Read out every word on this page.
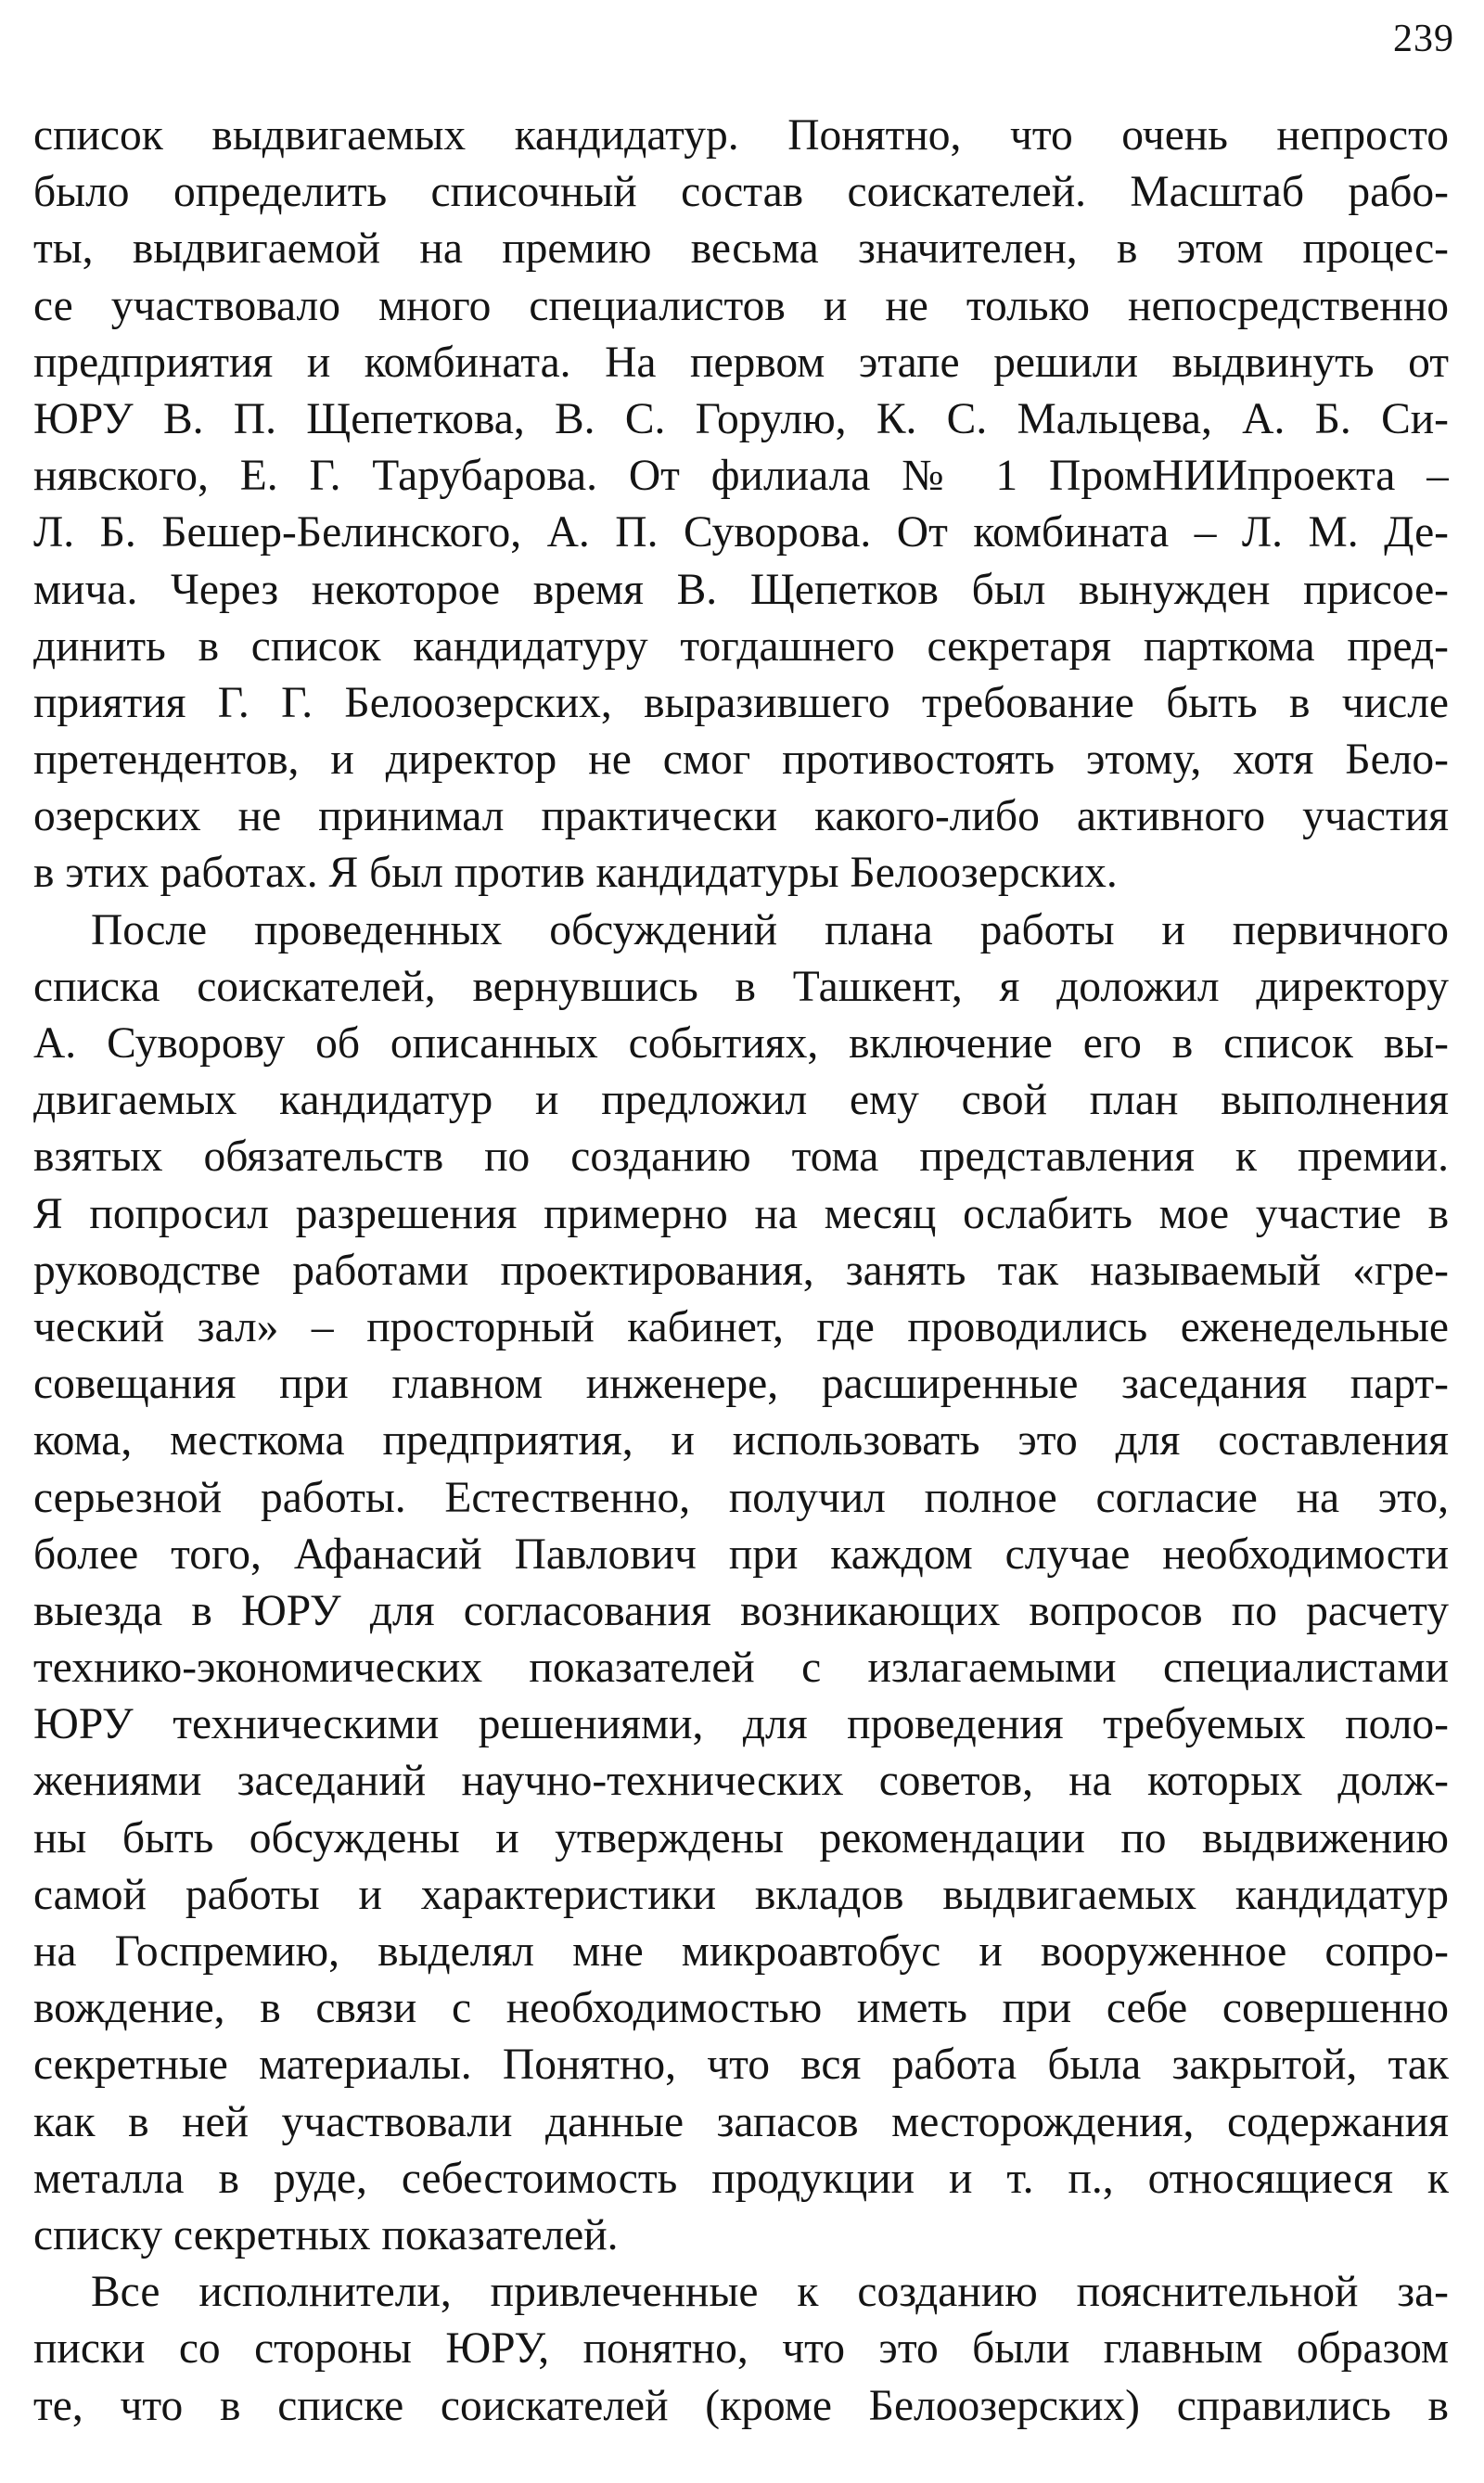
239
список выдвигаемых кандидатур. Понятно, что очень непросто
было определить списочный состав соискателей. Масштаб рабо-
ты, выдвигаемой на премию весьма значителен, в этом процес-
се участвовало много специалистов и не только непосредственно
предприятия и комбината. На первом этапе решили выдвинуть от
ЮРУ В. П. Щепеткова, В. С. Горулю, К. С. Мальцева, А. Б. Си-
нявского, Е. Г. Тарубарова. От филиала № 1 ПромНИИпроекта –
Л. Б. Бешер-Белинского, А. П. Суворова. От комбината – Л. М. Де-
мича. Через некоторое время В. Щепетков был вынужден присое-
динить в список кандидатуру тогдашнего секретаря парткома пред-
приятия Г. Г. Белоозерских, выразившего требование быть в числе
претендентов, и директор не смог противостоять этому, хотя Бело-
озерских не принимал практически какого-либо активного участия
в этих работах. Я был против кандидатуры Белоозерских.
После проведенных обсуждений плана работы и первичного
списка соискателей, вернувшись в Ташкент, я доложил директору
А. Суворову об описанных событиях, включение его в список вы-
двигаемых кандидатур и предложил ему свой план выполнения
взятых обязательств по созданию тома представления к премии.
Я попросил разрешения примерно на месяц ослабить мое участие в
руководстве работами проектирования, занять так называемый «гре-
ческий зал» – просторный кабинет, где проводились еженедельные
совещания при главном инженере, расширенные заседания парт-
кома, месткома предприятия, и использовать это для составления
серьезной работы. Естественно, получил полное согласие на это,
более того, Афанасий Павлович при каждом случае необходимости
выезда в ЮРУ для согласования возникающих вопросов по расчету
технико-экономических показателей с излагаемыми специалистами
ЮРУ техническими решениями, для проведения требуемых поло-
жениями заседаний научно-технических советов, на которых долж-
ны быть обсуждены и утверждены рекомендации по выдвижению
самой работы и характеристики вкладов выдвигаемых кандидатур
на Госпремию, выделял мне микроавтобус и вооруженное сопро-
вождение, в связи с необходимостью иметь при себе совершенно
секретные материалы. Понятно, что вся работа была закрытой, так
как в ней участвовали данные запасов месторождения, содержания
металла в руде, себестоимость продукции и т. п., относящиеся к
списку секретных показателей.
Все исполнители, привлеченные к созданию пояснительной за-
писки со стороны ЮРУ, понятно, что это были главным образом
те, что в списке соискателей (кроме Белоозерских) справились в
